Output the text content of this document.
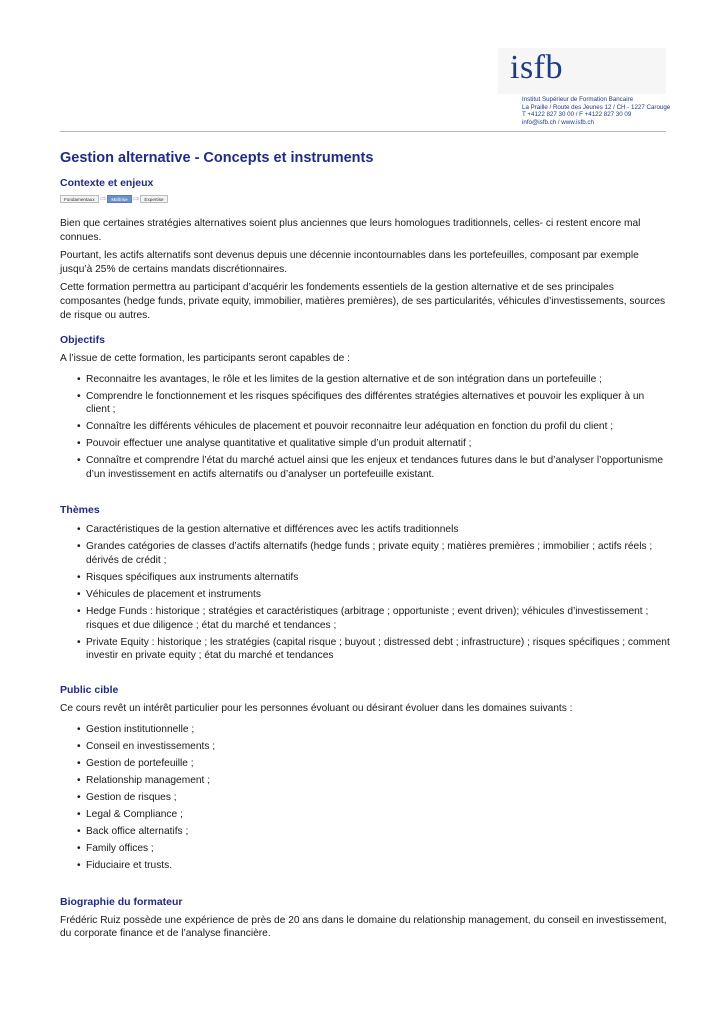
isfb
Institut Supérieur de Formation Bancaire
La Praille / Route des Jeunes 12 / CH - 1227 Carouge
T +4122 827 30 00 / F +4122 827 30 09
info@isfb.ch / www.isfb.ch
Gestion alternative - Concepts et instruments
Contexte et enjeux
Fondamentaux ⇨	Maîtrise ⇨	Expertise

Bien que certaines stratégies alternatives soient plus anciennes que leurs homologues traditionnels, celles- ci restent encore mal connues.

Pourtant, les actifs alternatifs sont devenus depuis une décennie incontournables dans les portefeuilles, composant par exemple jusqu’à 25% de certains mandats discrétionnaires.

Cette formation permettra au participant d’acquérir les fondements essentiels de la gestion alternative et de ses principales composantes (hedge funds, private equity, immobilier, matières premières), de ses particularités, véhicules d’investissements, sources de risque ou autres.

Objectifs

A l’issue de cette formation, les participants seront capables de :

• Reconnaitre les avantages, le rôle et les limites de la gestion alternative et de son intégration dans un portefeuille ;
• Comprendre le fonctionnement et les risques spécifiques des différentes stratégies alternatives et pouvoir les expliquer à un client ;
• Connaître les différents véhicules de placement et pouvoir reconnaitre leur adéquation en fonction du profil du client ;
• Pouvoir effectuer une analyse quantitative et qualitative simple d’un produit alternatif ;
• Connaître et comprendre l’état du marché actuel ainsi que les enjeux et tendances futures dans le but d’analyser l’opportunisme d’un investissement en actifs alternatifs ou d’analyser un portefeuille existant.
Thèmes
• Caractéristiques de la gestion alternative et différences avec les actifs traditionnels
• Grandes catégories de classes d’actifs alternatifs (hedge funds ; private equity ; matières premières ; immobilier ; actifs réels ; dérivés de crédit ;
• Risques spécifiques aux instruments alternatifs
• Véhicules de placement et instruments
• Hedge Funds : historique ; stratégies et caractéristiques (arbitrage ; opportuniste ; event driven); véhicules d’investissement ; risques et due diligence ; état du marché et tendances ;
• Private Equity : historique ; les stratégies (capital risque ; buyout ; distressed debt ; infrastructure) ; risques spécifiques ; comment investir en private equity ; état du marché et tendances
Public cible

Ce cours revêt un intérêt particulier pour les personnes évoluant ou désirant évoluer dans les domaines suivants :

• Gestion institutionnelle ;
• Conseil en investissements ;
• Gestion de portefeuille ;
• Relationship management ;
• Gestion de risques ;
• Legal & Compliance ;
• Back office alternatifs ;
• Family offices ;
• Fiduciaire et trusts.
Biographie du formateur

Frédéric Ruiz possède une expérience de près de 20 ans dans le domaine du relationship management, du conseil en investissement, du corporate finance et de l’analyse financière.
